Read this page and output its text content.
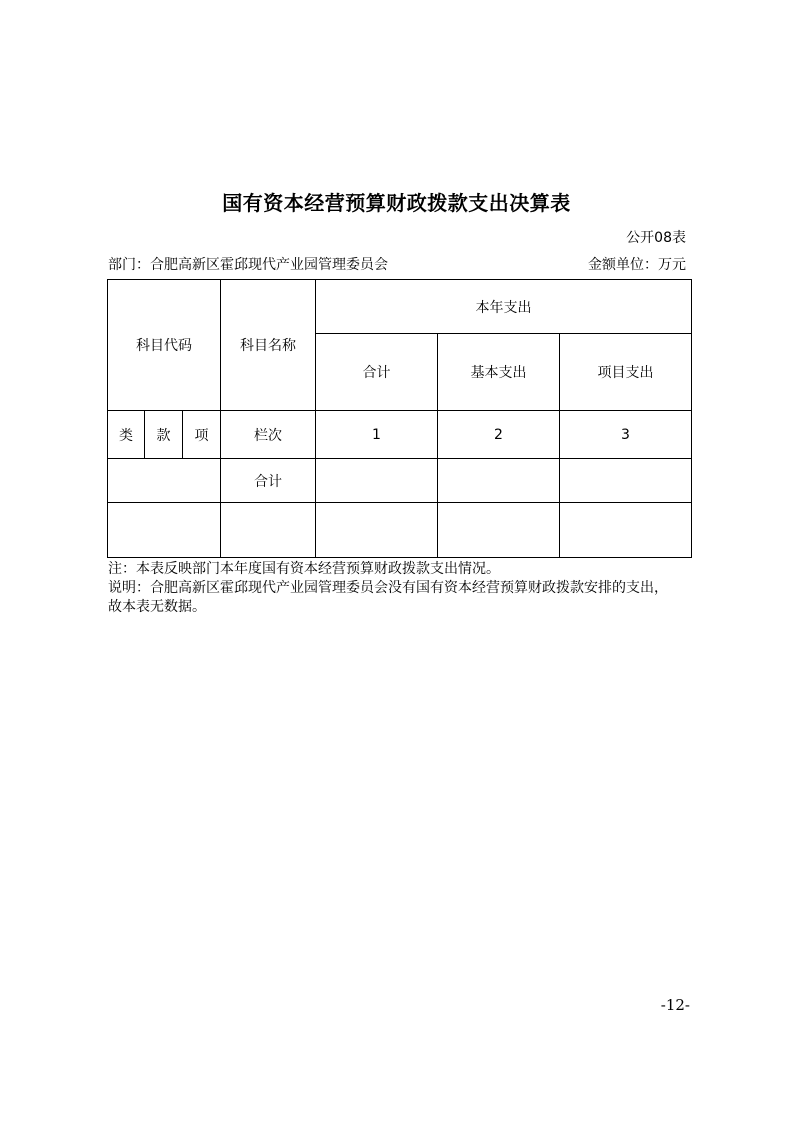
国有资本经营预算财政拨款支出决算表
公开08表
部门：合肥高新区霍邱现代产业园管理委员会	金额单位：万元
科目代码			科目名称	本年支出		
				合计	基本支出	项目支出
类	款	项	栏次	1	2	3
			合计			

注：本表反映部门本年度国有资本经营预算财政拨款支出情况。
说明：合肥高新区霍邱现代产业园管理委员会没有国有资本经营预算财政拨款安排的支出，
故本表无数据。
-12-
